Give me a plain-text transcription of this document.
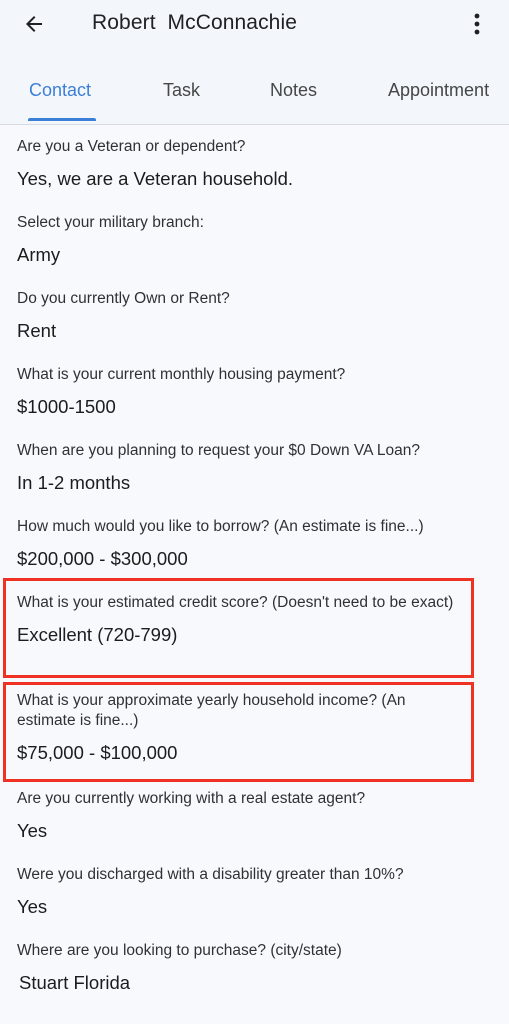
Robert  McConnachie
Contact	Task	Notes	Appointment
Are you a Veteran or dependent?
Yes, we are a Veteran household.
Select your military branch:
Army
Do you currently Own or Rent?
Rent
What is your current monthly housing payment?
$1000-1500
When are you planning to request your $0 Down VA Loan?
In 1-2 months
How much would you like to borrow? (An estimate is fine...)
$200,000 - $300,000
What is your estimated credit score? (Doesn't need to be exact)
Excellent (720-799)
What is your approximate yearly household income? (An estimate is fine...)
$75,000 - $100,000
Are you currently working with a real estate agent?
Yes
Were you discharged with a disability greater than 10%?
Yes
Where are you looking to purchase? (city/state)
Stuart Florida
